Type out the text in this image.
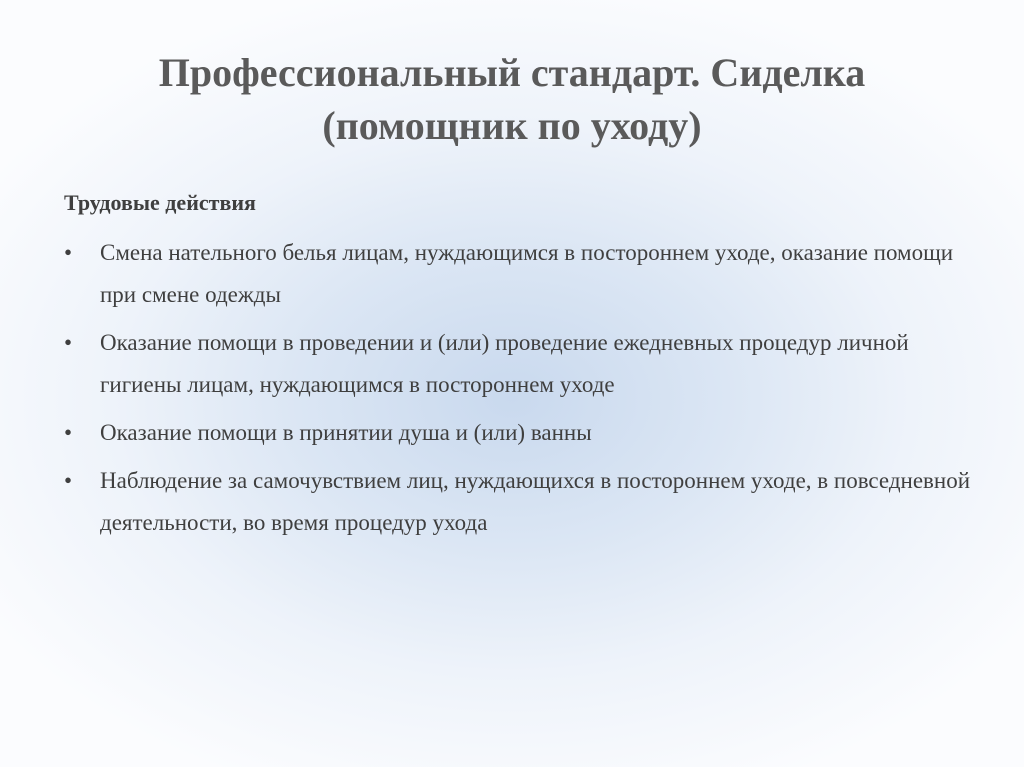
Профессиональный стандарт. Сиделка
(помощник по уходу)

Трудовые действия

•	Смена нательного белья лицам, нуждающимся в постороннем уходе, оказание помощи при смене одежды
•	Оказание помощи в проведении и (или) проведение ежедневных процедур личной гигиены лицам, нуждающимся в постороннем уходе
•	Оказание помощи в принятии душа и (или) ванны
•	Наблюдение за самочувствием лиц, нуждающихся в постороннем уходе, в повседневной деятельности, во время процедур ухода
